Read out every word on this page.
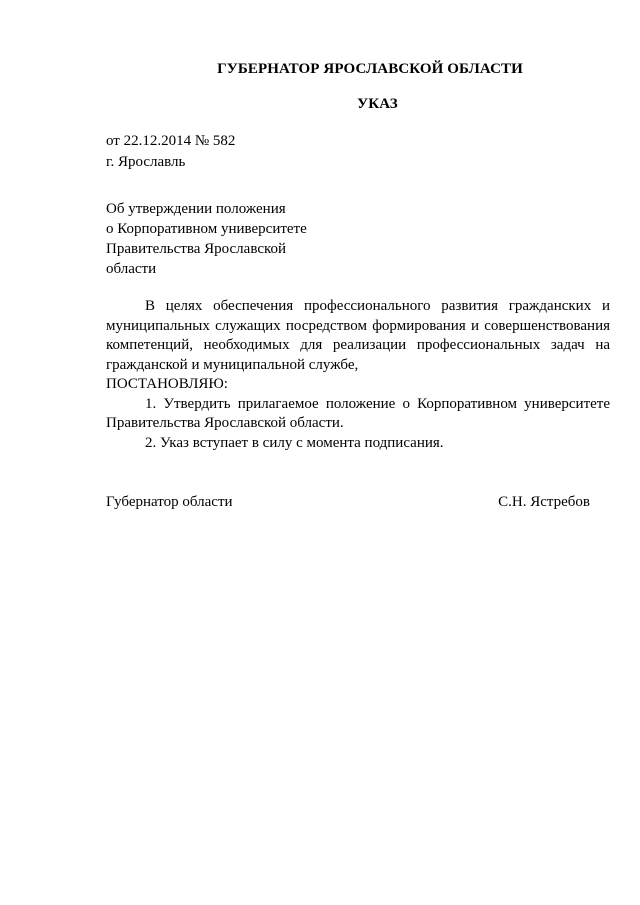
ГУБЕРНАТОР ЯРОСЛАВСКОЙ ОБЛАСТИ
УКАЗ
от 22.12.2014 № 582
г. Ярославль
Об утверждении положения
о Корпоративном университете
Правительства Ярославской
области

В целях обеспечения профессионального развития гражданских и муниципальных служащих посредством формирования и совершенствования компетенций, необходимых для реализации профессиональных задач на гражданской и муниципальной службе,

ПОСТАНОВЛЯЮ:

1. Утвердить прилагаемое положение о Корпоративном университете Правительства Ярославской области.

2. Указ вступает в силу с момента подписания.

Губернатор области	С.Н. Ястребов
